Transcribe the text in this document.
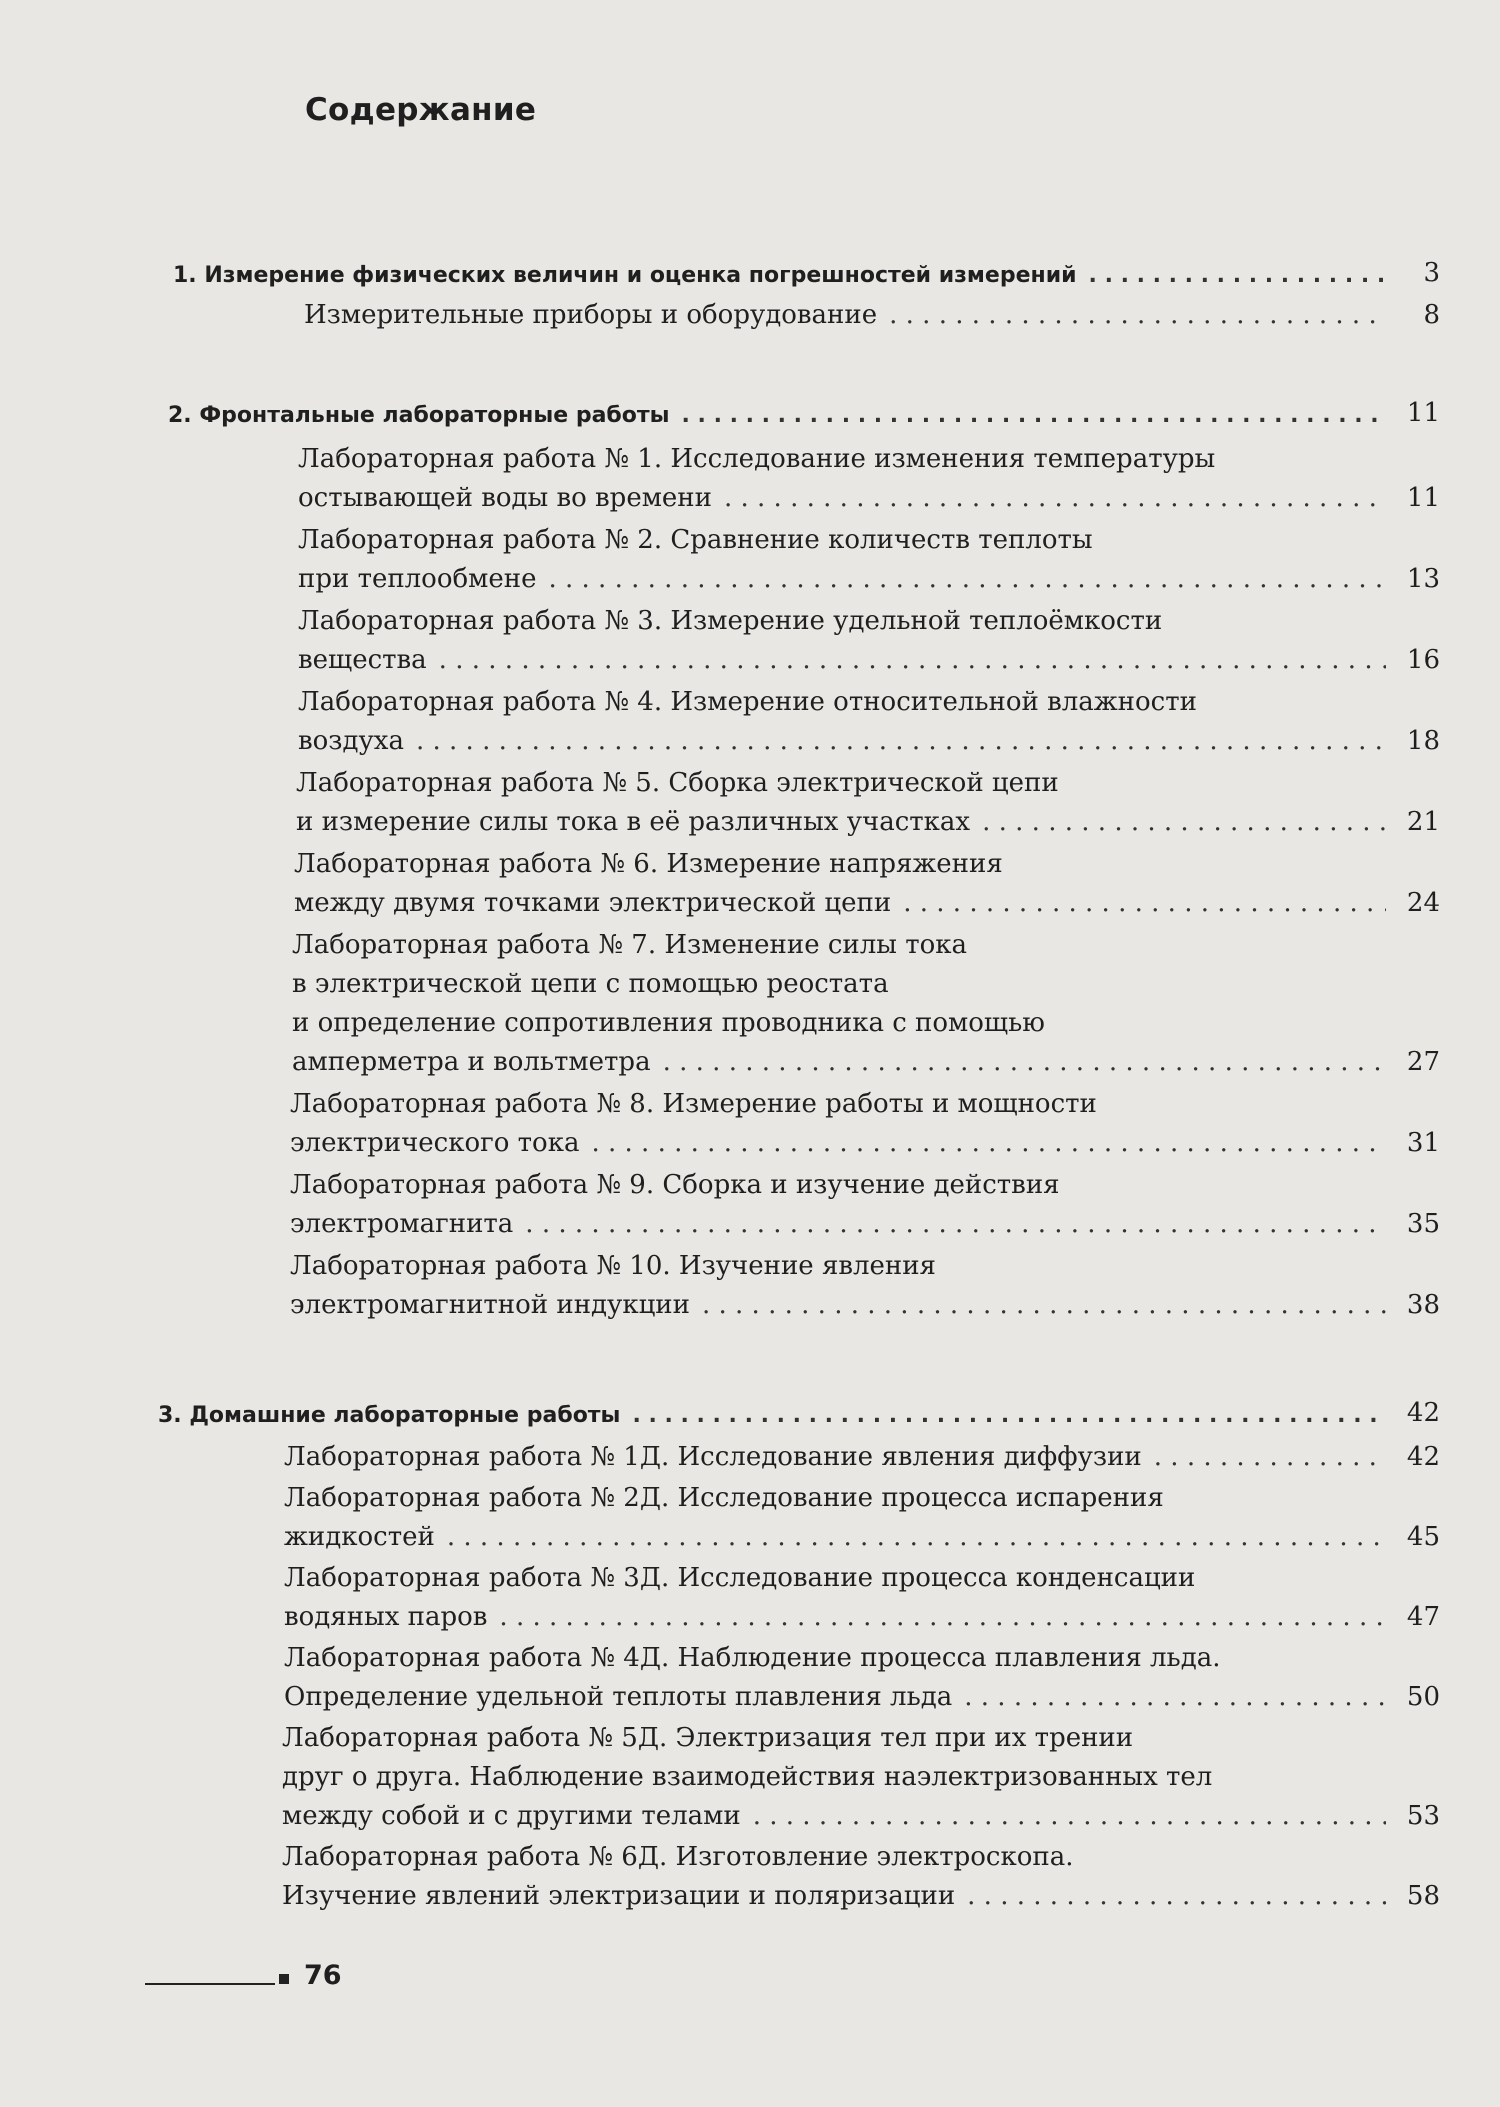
Содержание
1. Измерение физических величин и оценка погрешностей измерений . . .	3
Измерительные приборы и оборудование . . .	8
2. Фронтальные лабораторные работы . . .	11
Лабораторная работа № 1. Исследование изменения температуры
остывающей воды во времени . . .	11
Лабораторная работа № 2. Сравнение количеств теплоты
при теплообмене . . .	13
Лабораторная работа № 3. Измерение удельной теплоёмкости
вещества . . .	16
Лабораторная работа № 4. Измерение относительной влажности
воздуха . . .	18
Лабораторная работа № 5. Сборка электрической цепи
и измерение силы тока в её различных участках . . .	21
Лабораторная работа № 6. Измерение напряжения
между двумя точками электрической цепи . . .	24
Лабораторная работа № 7. Изменение силы тока
в электрической цепи с помощью реостата
и определение сопротивления проводника с помощью
амперметра и вольтметра . . .	27
Лабораторная работа № 8. Измерение работы и мощности
электрического тока . . .	31
Лабораторная работа № 9. Сборка и изучение действия
электромагнита . . .	35
Лабораторная работа № 10. Изучение явления
электромагнитной индукции . . .	38
3. Домашние лабораторные работы . . .	42
Лабораторная работа № 1Д. Исследование явления диффузии . . .	42
Лабораторная работа № 2Д. Исследование процесса испарения
жидкостей . . .	45
Лабораторная работа № 3Д. Исследование процесса конденсации
водяных паров . . .	47
Лабораторная работа № 4Д. Наблюдение процесса плавления льда.
Определение удельной теплоты плавления льда . . .	50
Лабораторная работа № 5Д. Электризация тел при их трении
друг о друга. Наблюдение взаимодействия наэлектризованных тел
между собой и с другими телами . . .	53
Лабораторная работа № 6Д. Изготовление электроскопа.
Изучение явлений электризации и поляризации . . .	58
76
